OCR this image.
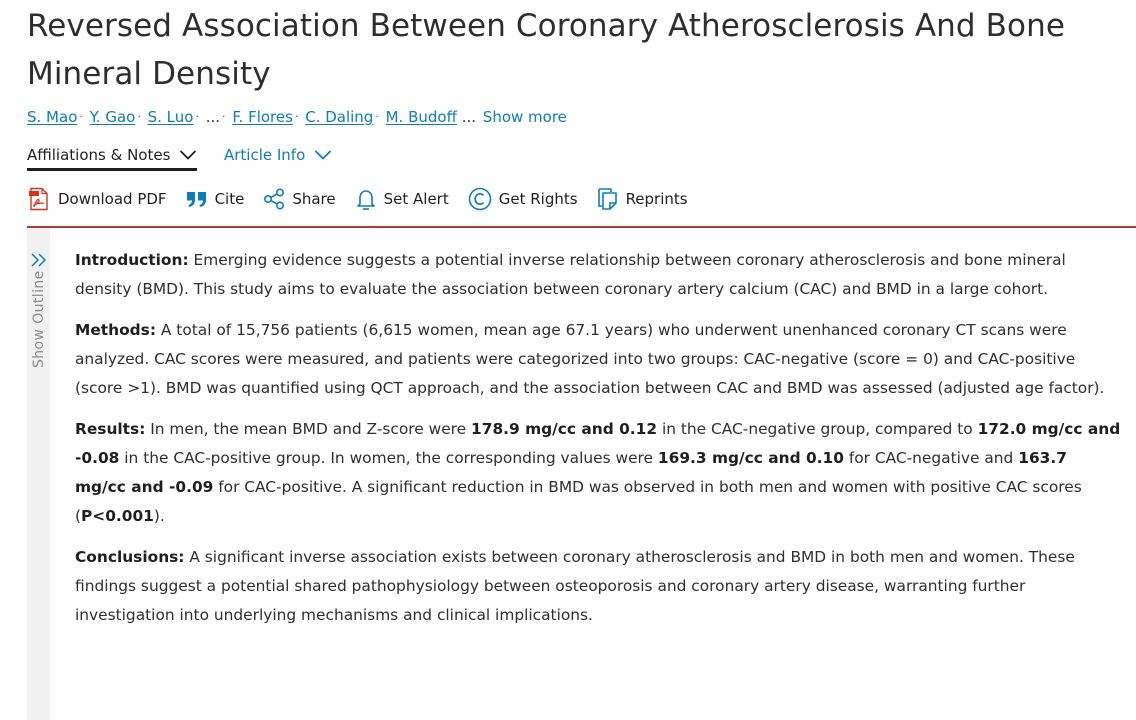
Reversed Association Between Coronary Atherosclerosis And Bone Mineral Density
S. Mao · Y. Gao · S. Luo · ... · F. Flores · C. Daling · M. Budoff ... Show more
Affiliations & Notes	Article Info
Download PDF	Cite	Share	Set Alert	Get Rights	Reprints
Show Outline

Introduction: Emerging evidence suggests a potential inverse relationship between coronary atherosclerosis and bone mineral density (BMD). This study aims to evaluate the association between coronary artery calcium (CAC) and BMD in a large cohort.

Methods: A total of 15,756 patients (6,615 women, mean age 67.1 years) who underwent unenhanced coronary CT scans were analyzed. CAC scores were measured, and patients were categorized into two groups: CAC-negative (score = 0) and CAC-positive (score >1). BMD was quantified using QCT approach, and the association between CAC and BMD was assessed (adjusted age factor).

Results: In men, the mean BMD and Z-score were 178.9 mg/cc and 0.12 in the CAC-negative group, compared to 172.0 mg/cc and -0.08 in the CAC-positive group. In women, the corresponding values were 169.3 mg/cc and 0.10 for CAC-negative and 163.7 mg/cc and -0.09 for CAC-positive. A significant reduction in BMD was observed in both men and women with positive CAC scores (P<0.001).

Conclusions: A significant inverse association exists between coronary atherosclerosis and BMD in both men and women. These findings suggest a potential shared pathophysiology between osteoporosis and coronary artery disease, warranting further investigation into underlying mechanisms and clinical implications.
